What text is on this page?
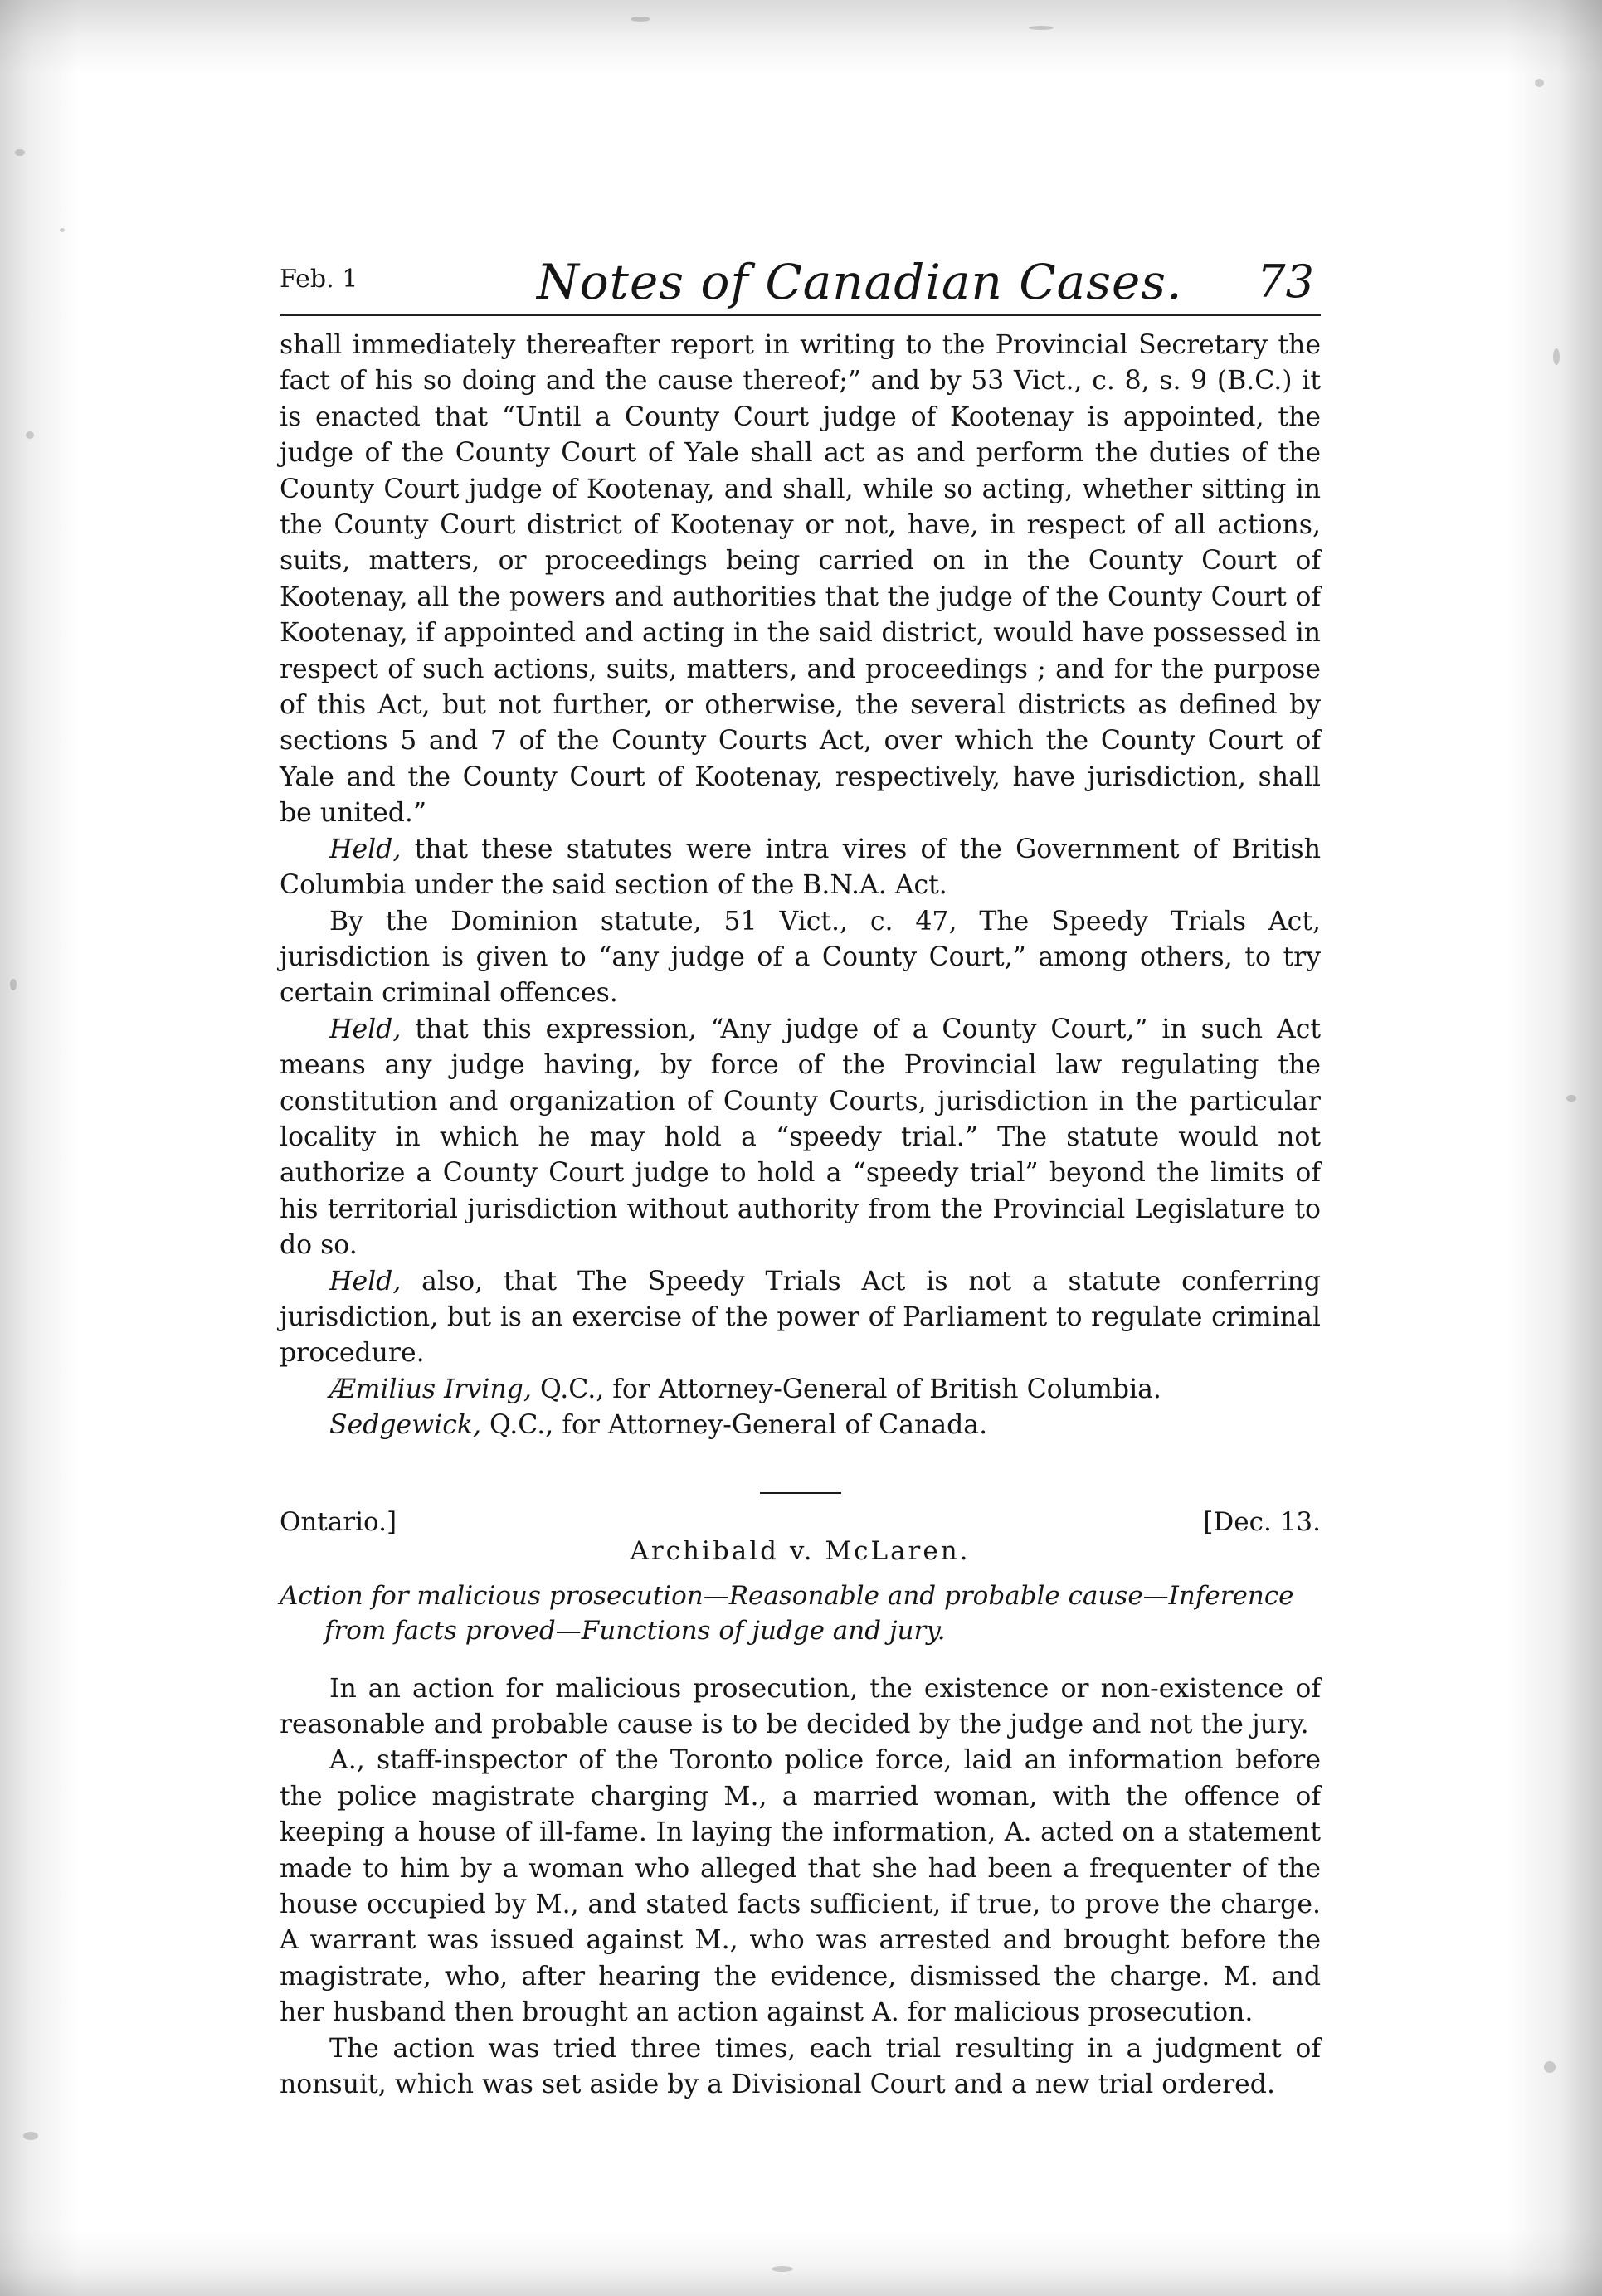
Feb. 1	Notes of Canadian Cases. 73

shall immediately thereafter report in writing to the Provincial Secretary the fact of his so doing and the cause thereof;” and by 53 Vict., c. 8, s. 9 (B.C.) it is enacted that “Until a County Court judge of Kootenay is appointed, the judge of the County Court of Yale shall act as and perform the duties of the County Court judge of Kootenay, and shall, while so acting, whether sitting in the County Court district of Kootenay or not, have, in respect of all actions, suits, matters, or proceedings being carried on in the County Court of Kootenay, all the powers and authorities that the judge of the County Court of Kootenay, if appointed and acting in the said district, would have possessed in respect of such actions, suits, matters, and proceedings ; and for the purpose of this Act, but not further, or otherwise, the several districts as defined by sections 5 and 7 of the County Courts Act, over which the County Court of Yale and the County Court of Kootenay, respectively, have jurisdiction, shall be united.”

Held, that these statutes were intra vires of the Government of British Columbia under the said section of the B.N.A. Act.

By the Dominion statute, 51 Vict., c. 47, The Speedy Trials Act, jurisdiction is given to “any judge of a County Court,” among others, to try certain criminal offences.

Held, that this expression, “Any judge of a County Court,” in such Act means any judge having, by force of the Provincial law regulating the constitution and organization of County Courts, jurisdiction in the particular locality in which he may hold a “speedy trial.” The statute would not authorize a County Court judge to hold a “speedy trial” beyond the limits of his territorial jurisdiction without authority from the Provincial Legislature to do so.

Held, also, that The Speedy Trials Act is not a statute conferring jurisdiction, but is an exercise of the power of Parliament to regulate criminal procedure.

Æmilius Irving, Q.C., for Attorney-General of British Columbia.

Sedgewick, Q.C., for Attorney-General of Canada.

Ontario.]
Archibald v. McLaren.
[Dec. 13.
Action for malicious prosecution—Reasonable and probable cause—Inference
from facts proved—Functions of judge and jury.

In an action for malicious prosecution, the existence or non-existence of reasonable and probable cause is to be decided by the judge and not the jury.

A., staff-inspector of the Toronto police force, laid an information before the police magistrate charging M., a married woman, with the offence of keeping a house of ill-fame. In laying the information, A. acted on a statement made to him by a woman who alleged that she had been a frequenter of the house occupied by M., and stated facts sufficient, if true, to prove the charge. A warrant was issued against M., who was arrested and brought before the magistrate, who, after hearing the evidence, dismissed the charge. M. and her husband then brought an action against A. for malicious prosecution.

The action was tried three times, each trial resulting in a judgment of nonsuit, which was set aside by a Divisional Court and a new trial ordered.
